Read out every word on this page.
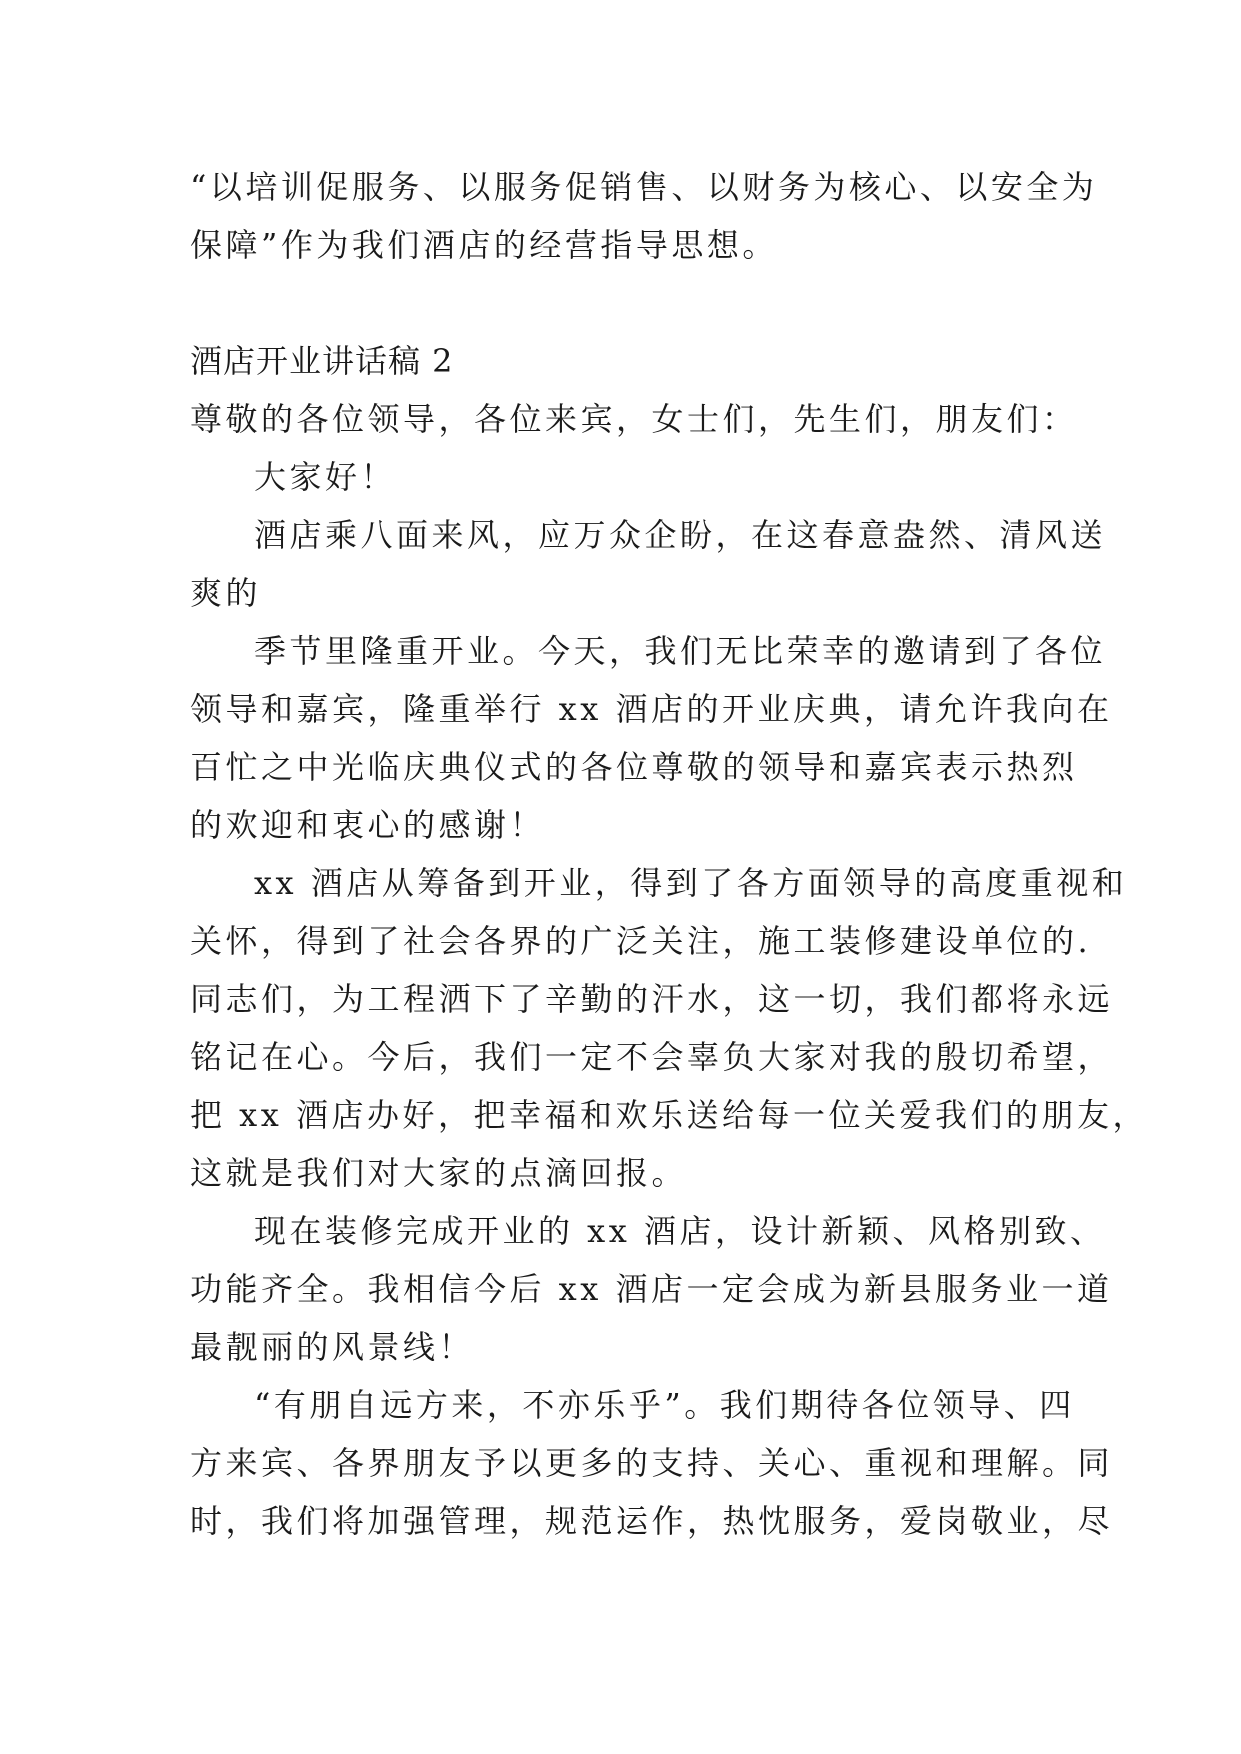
“以培训促服务、以服务促销售、以财务为核心、以安全为
保障”作为我们酒店的经营指导思想。
酒店开业讲话稿 2
尊敬的各位领导，各位来宾，女士们，先生们，朋友们：
大家好！
酒店乘八面来风，应万众企盼，在这春意盎然、清风送
爽的
季节里隆重开业。今天，我们无比荣幸的邀请到了各位
领导和嘉宾，隆重举行 xx 酒店的开业庆典，请允许我向在
百忙之中光临庆典仪式的各位尊敬的领导和嘉宾表示热烈
的欢迎和衷心的感谢！
xx 酒店从筹备到开业，得到了各方面领导的高度重视和
关怀，得到了社会各界的广泛关注，施工装修建设单位的.
同志们，为工程洒下了辛勤的汗水，这一切，我们都将永远
铭记在心。今后，我们一定不会辜负大家对我的殷切希望，
把 xx 酒店办好，把幸福和欢乐送给每一位关爱我们的朋友，
这就是我们对大家的点滴回报。
现在装修完成开业的 xx 酒店，设计新颖、风格别致、
功能齐全。我相信今后 xx 酒店一定会成为新县服务业一道
最靓丽的风景线！
“有朋自远方来，不亦乐乎”。我们期待各位领导、四
方来宾、各界朋友予以更多的支持、关心、重视和理解。同
时，我们将加强管理，规范运作，热忱服务，爱岗敬业，尽
